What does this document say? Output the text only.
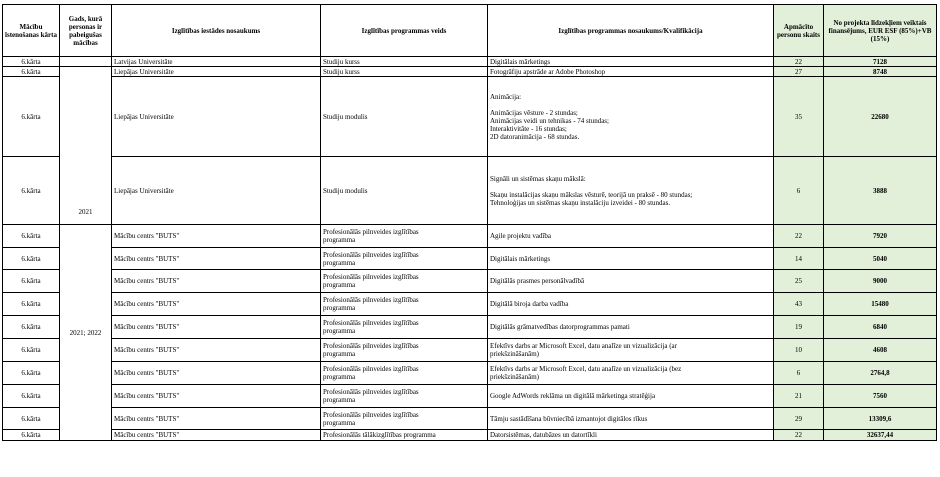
Mācību īstenošanas kārta	Gads, kurā personas ir pabeigušas mācības	Izglītības iestādes nosaukums	Izglītības programmas veids	Izglītības programmas nosaukums/Kvalifikācija	Apmācīto personu skaits	No projekta līdzekļiem veiktais finansējums, EUR ESF (85%)+VB (15%)
6.kārta		Latvijas Universitāte	Studiju kurss	Digitālais mārketings	22	7128
6.kārta	2021	Liepājas Universitāte	Studiju kurss	Fotogrāfiju apstrāde ar Adobe Photoshop	27	8748
6.kārta		Liepājas Universitāte	Studiju modulis	Animācija:

Animācijas vēsture - 2 stundas;
Animācijas veidi un tehnikas - 74 stundas;
Interaktivitāte - 16 stundas;
2D datoranimācija - 68 stundas.	35	22680
6.kārta		Liepājas Universitāte	Studiju modulis	Signāli un sistēmas skaņu mākslā:

Skaņu instalācijas skaņu mākslas vēsturē, teorijā un praksē - 80 stundas;
Tehnoloģijas un sistēmas skaņu instalāciju izveidei - 80 stundas.	6	3888
6.kārta	2021; 2022	Mācību centrs "BUTS"	Profesionālās pilnveides izglītības
programma	Agile projektu vadība	22	7920
6.kārta		Mācību centrs "BUTS"	Profesionālās pilnveides izglītības
programma	Digitālais mārketings	14	5040
6.kārta		Mācību centrs "BUTS"	Profesionālās pilnveides izglītības
programma	Digitālās prasmes personālvadībā	25	9000
6.kārta		Mācību centrs "BUTS"	Profesionālās pilnveides izglītības
programma	Digitālā biroja darba vadība	43	15480
6.kārta		Mācību centrs "BUTS"	Profesionālās pilnveides izglītības
programma	Digitālās grāmatvedības datorprogrammas pamati	19	6840
6.kārta		Mācību centrs "BUTS"	Profesionālās pilnveides izglītības
programma	Efektīvs darbs ar Microsoft Excel, datu analīze un vizualizācija (ar
priekšzināšanām)	10	4608
6.kārta		Mācību centrs "BUTS"	Profesionālās pilnveides izglītības
programma	Efektīvs darbs ar Microsoft Excel, datu analīze un vizualizācija (bez
priekšzināšanām)	6	2764,8
6.kārta		Mācību centrs "BUTS"	Profesionālās pilnveides izglītības
programma	Google AdWords reklāma un digitālā mārketinga stratēģija	21	7560
6.kārta		Mācību centrs "BUTS"	Profesionālās pilnveides izglītības
programma	Tāmju sastādīšana būvniecībā izmantojot digitālos rīkus	29	13309,6
6.kārta		Mācību centrs "BUTS"	Profesionālās tālākizglītības programma	Datorsistēmas, datubāzes un datortīkli	22	32637,44
